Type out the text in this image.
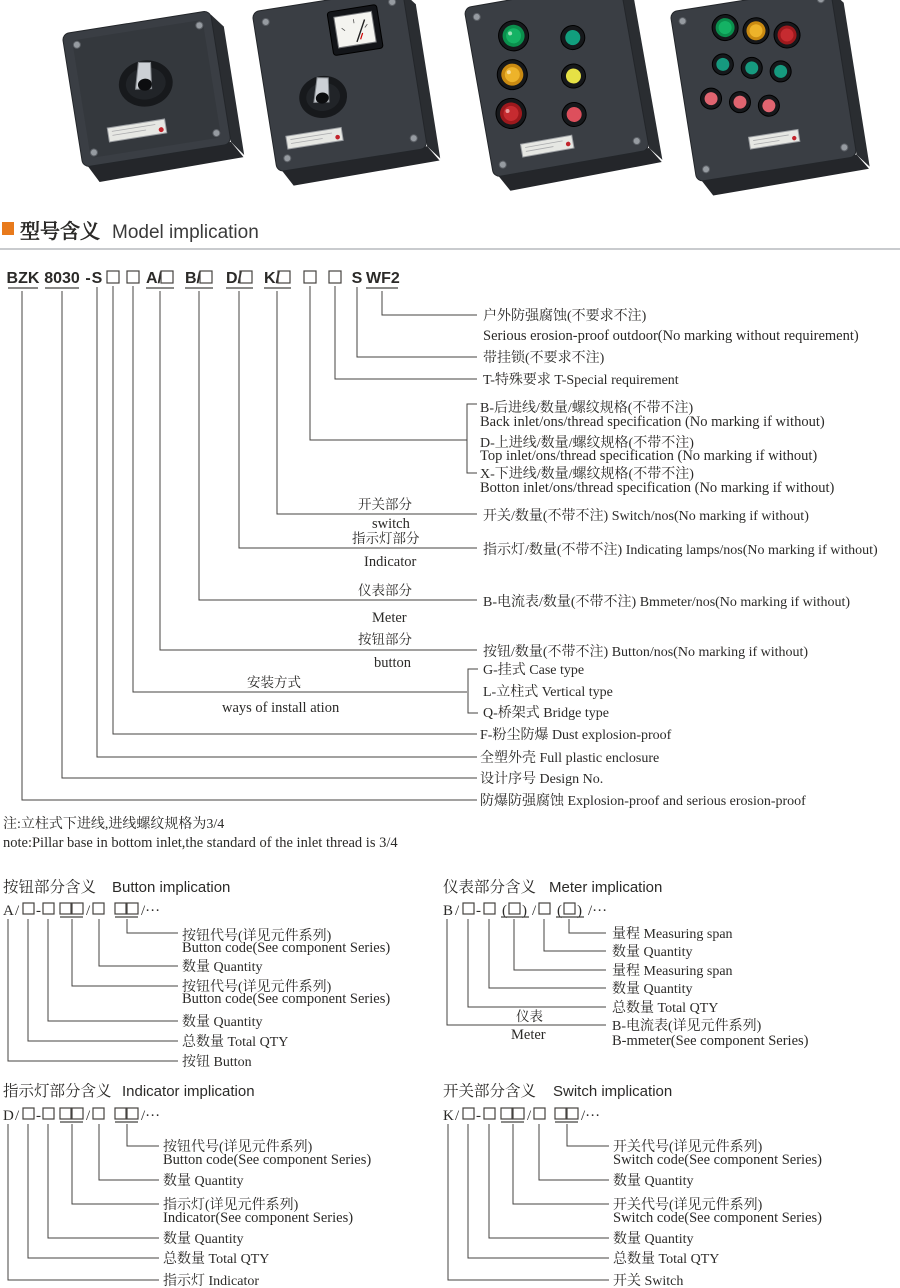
型号含义 Model implication
BZK 8030 - S	A/ B/ D/ K/	S WF2
户外防强腐蚀(不要求不注)
Serious erosion-proof outdoor(No marking without requirement)
带挂锁(不要求不注)
T-特殊要求 T-Special requirement
B-后进线/数量/螺纹规格(不带不注)
Back inlet/ons/thread specification (No marking if without)
D-上进线/数量/螺纹规格(不带不注)
Top inlet/ons/thread specification (No marking if without)
X-下进线/数量/螺纹规格(不带不注)
Botton inlet/ons/thread specification (No marking if without)
开关部分
switch	开关/数量(不带不注) Switch/nos(No marking if without)
指示灯部分
Indicator
指示灯/数量(不带不注) Indicating lamps/nos(No marking if without)
仪表部分
Meter
B-电流表/数量(不带不注) Bmmeter/nos(No marking if without)
按钮部分
button
按钮/数量(不带不注) Button/nos(No marking if without)
安装方式
ways of install ation
G-挂式 Case type
L-立柱式 Vertical type
Q-桥架式 Bridge type
F-粉尘防爆 Dust explosion-proof
全塑外壳 Full plastic enclosure
设计序号 Design No.
防爆防强腐蚀 Explosion-proof and serious erosion-proof
注:立柱式下进线,进线螺纹规格为3/4
note:Pillar base in bottom inlet,the standard of the inlet thread is 3/4
按钮部分含义 Button implication
A / -	/	/···
按钮代号(详见元件系列)
Button code(See component Series)
数量 Quantity
按钮代号(详见元件系列)
Button code(See component Series)
数量 Quantity
总数量 Total QTY
按钮 Button
仪表部分含义 Meter implication
B / - ( ) / ( ) /···
量程 Measuring span
数量 Quantity
量程 Measuring span
数量 Quantity
总数量 Total QTY
仪表
Meter
B-电流表(详见元件系列)
B-mmeter(See component Series)
指示灯部分含义 Indicator implication
D / -	/	/···
按钮代号(详见元件系列)
Button code(See component Series)
数量 Quantity
指示灯(详见元件系列)
Indicator(See component Series)
数量 Quantity
总数量 Total QTY
指示灯 Indicator
开关部分含义 Switch implication
K / -	/	/···
开关代号(详见元件系列)
Switch code(See component Series)
数量 Quantity
开关代号(详见元件系列)
Switch code(See component Series)
数量 Quantity
总数量 Total QTY
开关 Switch
